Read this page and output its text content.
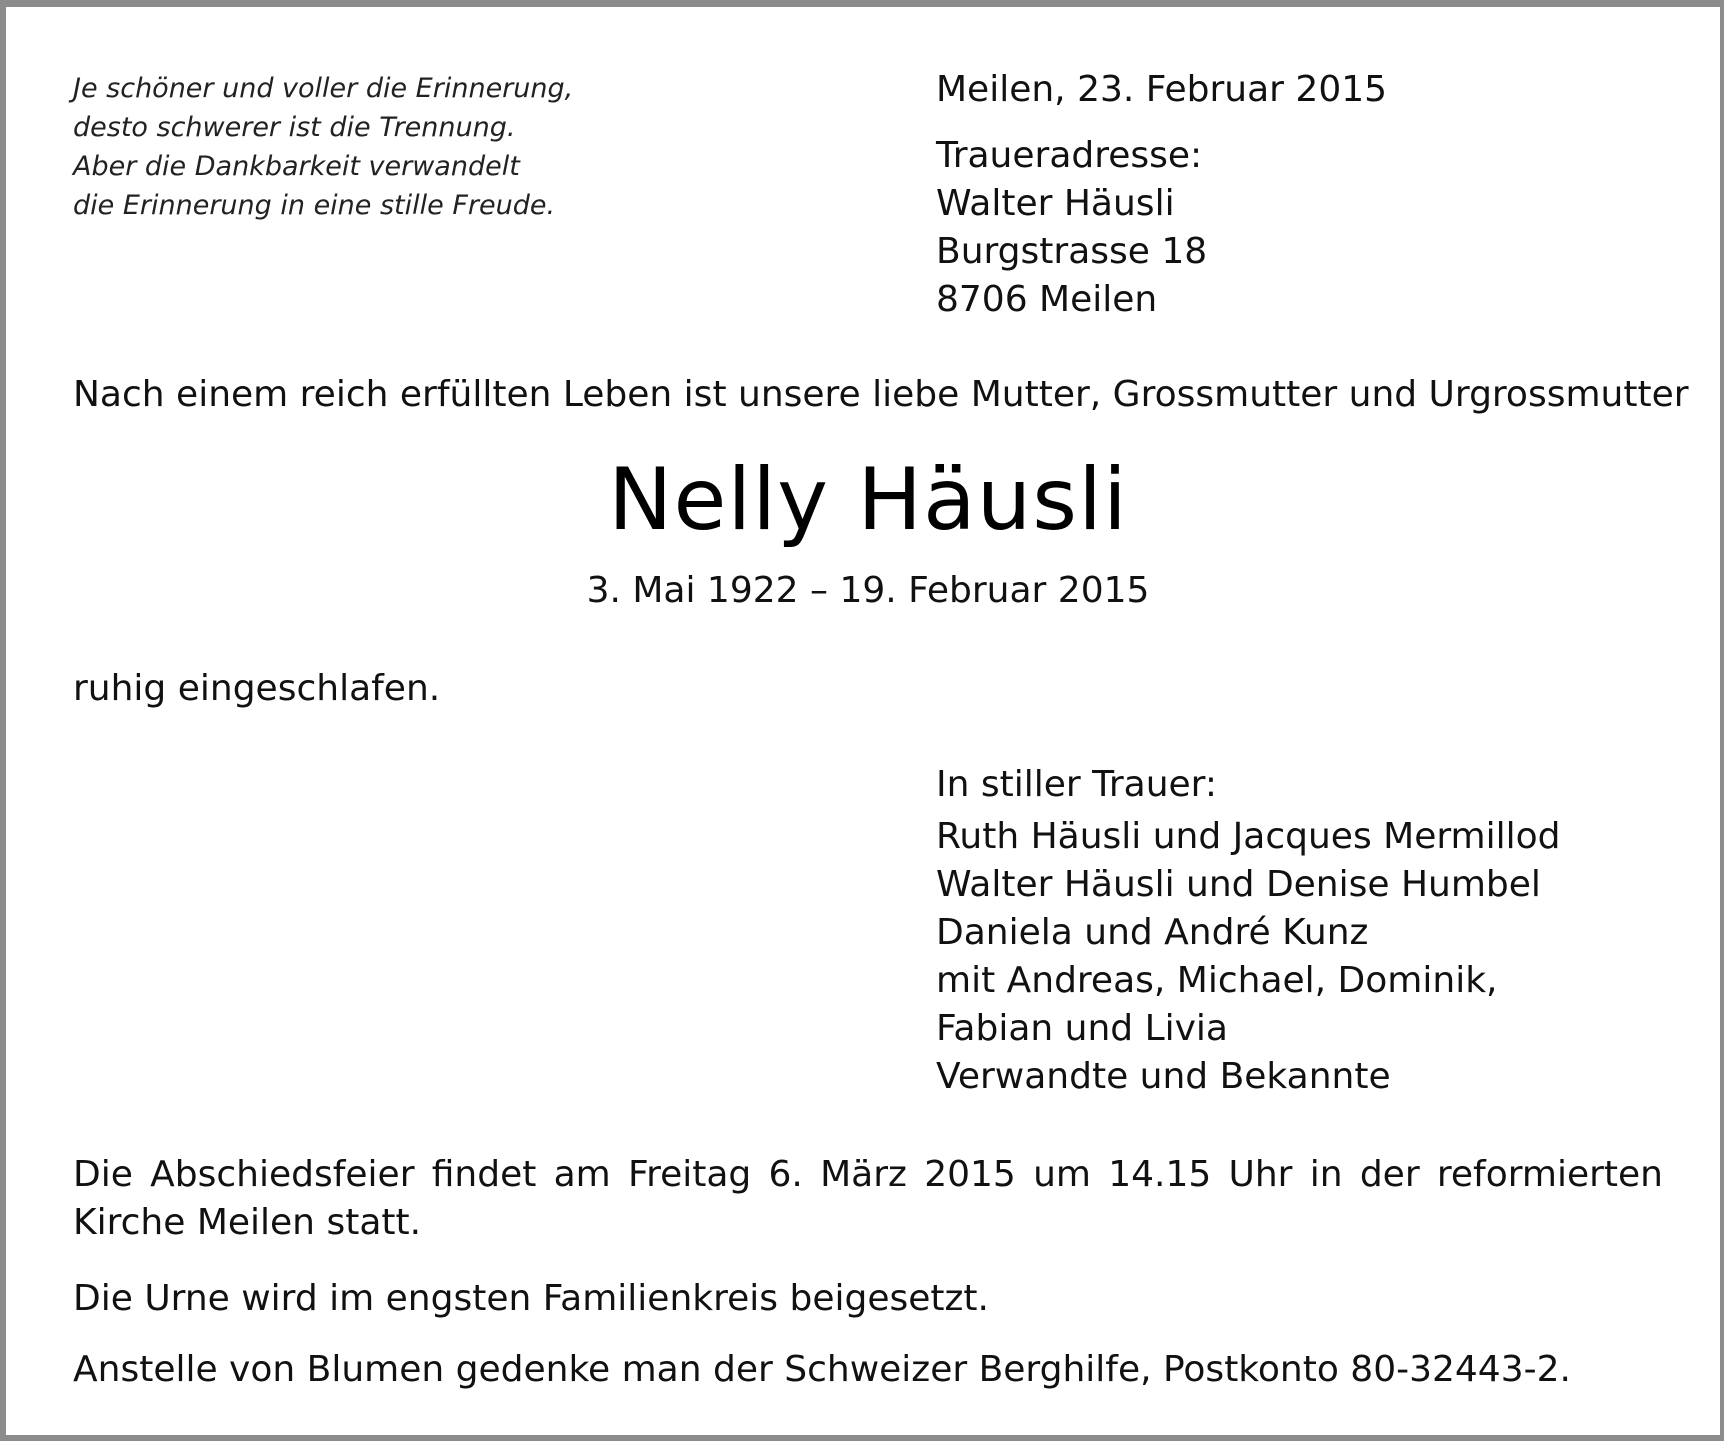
Je schöner und voller die Erinnerung,
desto schwerer ist die Trennung.
Aber die Dankbarkeit verwandelt
die Erinnerung in eine stille Freude.
Meilen, 23. Februar 2015
Traueradresse:
Walter Häusli
Burgstrasse 18
8706 Meilen
Nach einem reich erfüllten Leben ist unsere liebe Mutter, Grossmutter und Urgrossmutter
Nelly Häusli
3. Mai 1922 – 19. Februar 2015
ruhig eingeschlafen.
In stiller Trauer:
Ruth Häusli und Jacques Mermillod
Walter Häusli und Denise Humbel
Daniela und André Kunz
mit Andreas, Michael, Dominik,
Fabian und Livia
Verwandte und Bekannte
Die Abschiedsfeier findet am Freitag 6. März 2015 um 14.15 Uhr in der reformierten Kirche Meilen statt.
Die Urne wird im engsten Familienkreis beigesetzt.
Anstelle von Blumen gedenke man der Schweizer Berghilfe, Postkonto 80-32443-2.
